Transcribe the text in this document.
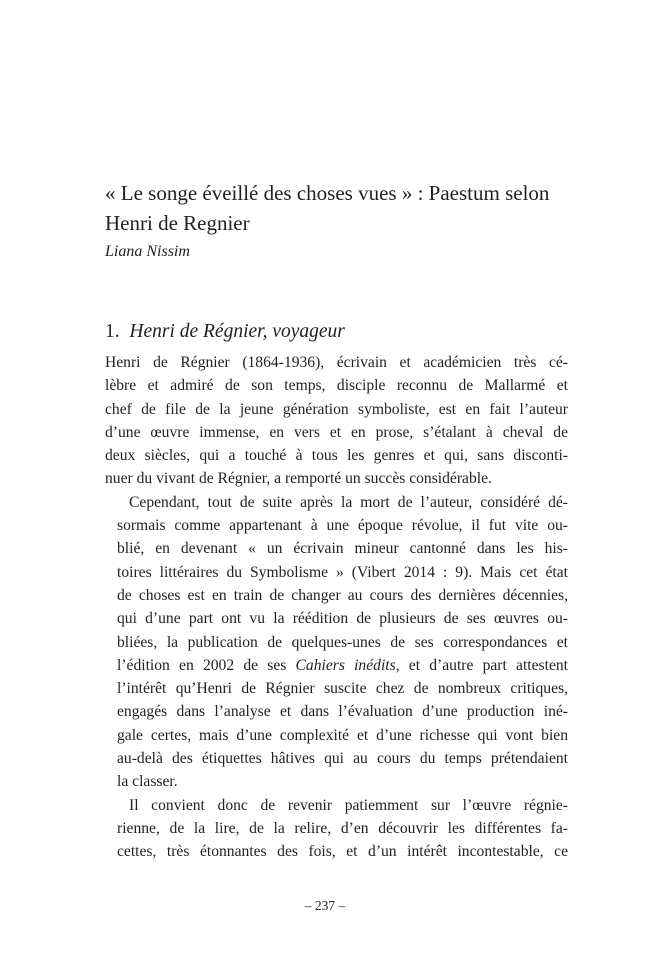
« Le songe éveillé des choses vues » : Paestum selon
Henri de Regnier

Liana Nissim

1. Henri de Régnier, voyageur

Henri de Régnier (1864-1936), écrivain et académicien très cé-
lèbre et admiré de son temps, disciple reconnu de Mallarmé et
chef de file de la jeune génération symboliste, est en fait l’auteur
d’une œuvre immense, en vers et en prose, s’étalant à cheval de
deux siècles, qui a touché à tous les genres et qui, sans disconti-
nuer du vivant de Régnier, a remporté un succès considérable.

Cependant, tout de suite après la mort de l’auteur, considéré dé-
sormais comme appartenant à une époque révolue, il fut vite ou-
blié, en devenant « un écrivain mineur cantonné dans les his-
toires littéraires du Symbolisme » (Vibert 2014 : 9). Mais cet état
de choses est en train de changer au cours des dernières décennies,
qui d’une part ont vu la réédition de plusieurs de ses œuvres ou-
bliées, la publication de quelques-unes de ses correspondances et
l’édition en 2002 de ses Cahiers inédits, et d’autre part attestent
l’intérêt qu’Henri de Régnier suscite chez de nombreux critiques,
engagés dans l’analyse et dans l’évaluation d’une production iné-
gale certes, mais d’une complexité et d’une richesse qui vont bien
au-delà des étiquettes hâtives qui au cours du temps prétendaient
la classer.

Il convient donc de revenir patiemment sur l’œuvre régnie-
rienne, de la lire, de la relire, d’en découvrir les différentes fa-
cettes, très étonnantes des fois, et d’un intérêt incontestable, ce

– 237 –
